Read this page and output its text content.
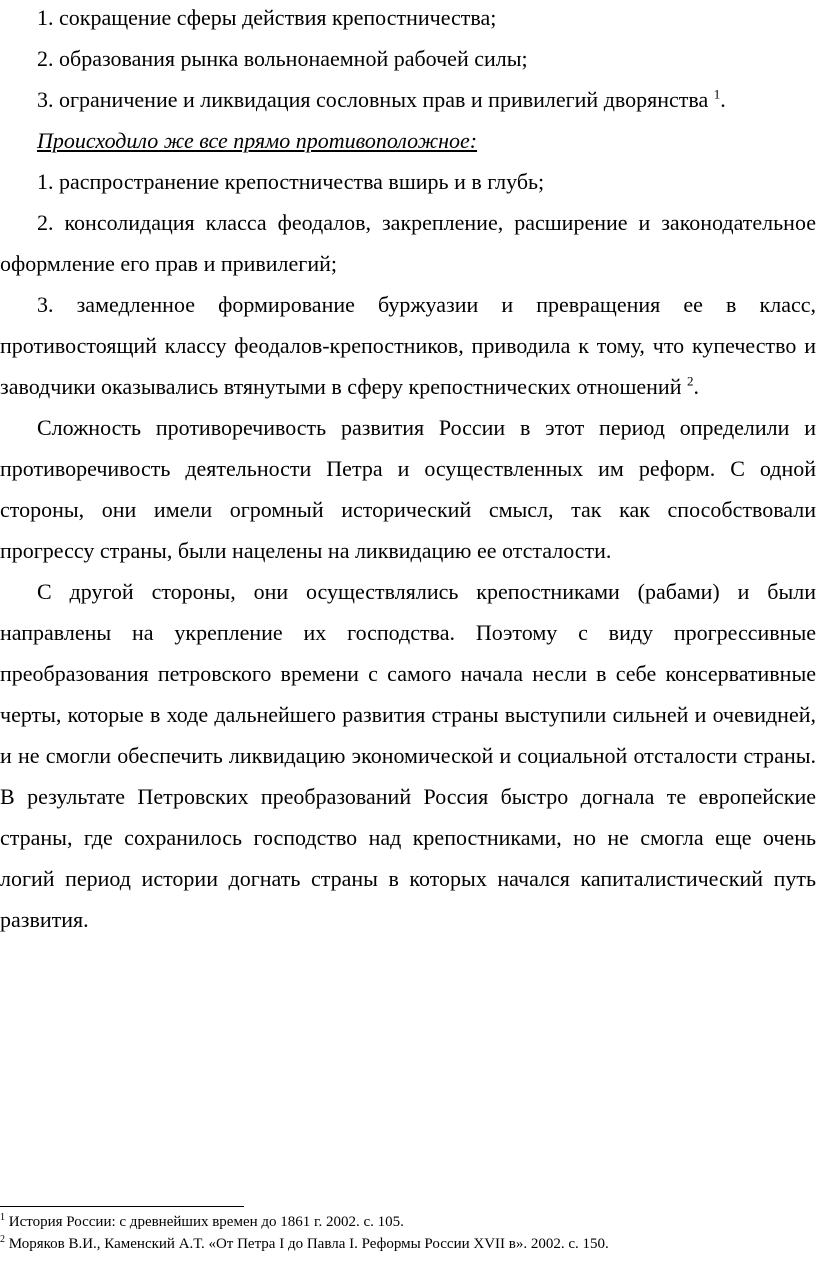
1. сокращение сферы действия крепостничества;

2. образования рынка вольнонаемной рабочей силы;

3. ограничение и ликвидация сословных прав и привилегий дворянства $^1$.

Происходило же все прямо противоположное:

1. распространение крепостничества вширь и в глубь;

2. консолидация класса феодалов, закрепление, расширение и законодательное оформление его прав и привилегий;

3. замедленное формирование буржуазии и превращения ее в класс, противостоящий классу феодалов-крепостников, приводила к тому, что купечество и заводчики оказывались втянутыми в сферу крепостнических отношений $^2$.

Сложность противоречивость развития России в этот период определили и противоречивость деятельности Петра и осуществленных им реформ. С одной стороны, они имели огромный исторический смысл, так как способствовали прогрессу страны, были нацелены на ликвидацию ее отсталости.

С другой стороны, они осуществлялись крепостниками (рабами) и были направлены на укрепление их господства. Поэтому с виду прогрессивные преобразования петровского времени с самого начала несли в себе консервативные черты, которые в ходе дальнейшего развития страны выступили сильней и очевидней, и не смогли обеспечить ликвидацию экономической и социальной отсталости страны. В результате Петровских преобразований Россия быстро догнала те европейские страны, где сохранилось господство над крепостниками, но не смогла еще очень логий период истории догнать страны в которых начался капиталистический путь развития.

$^1$ История России: с древнейших времен до 1861 г. 2002. с. 105.

$^2$ Моряков В.И., Каменский А.Т. «От Петра I до Павла I. Реформы России XVII в». 2002. с. 150.
